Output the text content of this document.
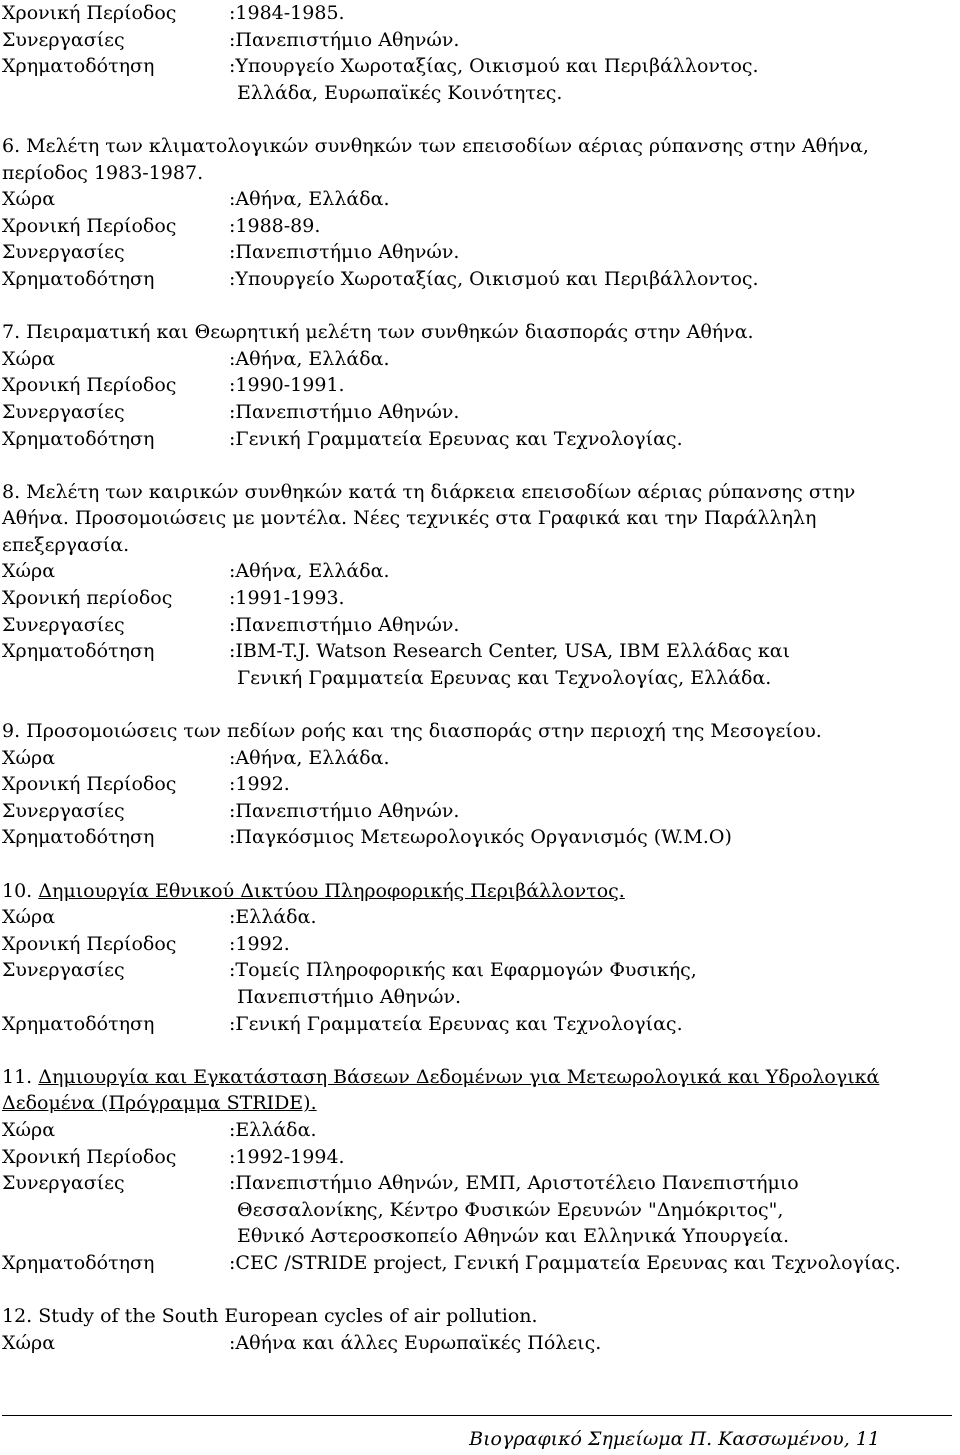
Χρονική Περίοδος	:1984-1985.
Συνεργασίες	:Πανεπιστήμιο Αθηνών.
Χρηματοδότηση	:Υπουργείο Χωροταξίας, Οικισμού και Περιβάλλοντος.
Ελλάδα, Ευρωπαϊκές Κοινότητες.
6. Μελέτη των κλιματολογικών συνθηκών των επεισοδίων αέριας ρύπανσης στην Αθήνα,
περίοδος 1983-1987.
Χώρα	:Αθήνα, Ελλάδα.
Χρονική Περίοδος	:1988-89.
Συνεργασίες	:Πανεπιστήμιο Αθηνών.
Χρηματοδότηση	:Υπουργείο Χωροταξίας, Οικισμού και Περιβάλλοντος.
7. Πειραματική και Θεωρητική μελέτη των συνθηκών διασποράς στην Αθήνα.
Χώρα	:Αθήνα, Ελλάδα.
Χρονική Περίοδος	:1990-1991.
Συνεργασίες	:Πανεπιστήμιο Αθηνών.
Χρηματοδότηση	:Γενική Γραμματεία Ερευνας και Τεχνολογίας.
8. Μελέτη των καιρικών συνθηκών κατά τη διάρκεια επεισοδίων αέριας ρύπανσης στην
Αθήνα. Προσομοιώσεις με μοντέλα. Νέες τεχνικές στα Γραφικά και την Παράλληλη
επεξεργασία.
Χώρα	:Αθήνα, Ελλάδα.
Χρονική περίοδος	:1991-1993.
Συνεργασίες	:Πανεπιστήμιο Αθηνών.
Χρηματοδότηση	:IBM-T.J. Watson Research Center, USA, IBM Ελλάδας και
Γενική Γραμματεία Ερευνας και Τεχνολογίας, Ελλάδα.
9. Προσομοιώσεις των πεδίων ροής και της διασποράς στην περιοχή της Μεσογείου.
Χώρα	:Αθήνα, Ελλάδα.
Χρονική Περίοδος	:1992.
Συνεργασίες	:Πανεπιστήμιο Αθηνών.
Χρηματοδότηση	:Παγκόσμιος Μετεωρολογικός Οργανισμός (W.M.O)
10. Δημιουργία Εθνικού Δικτύου Πληροφορικής Περιβάλλοντος.
Χώρα	:Ελλάδα.
Χρονική Περίοδος	:1992.
Συνεργασίες	:Τομείς Πληροφορικής και Εφαρμογών Φυσικής,
Πανεπιστήμιο Αθηνών.
Χρηματοδότηση	:Γενική Γραμματεία Ερευνας και Τεχνολογίας.
11. Δημιουργία και Εγκατάσταση Βάσεων Δεδομένων για Μετεωρολογικά και Υδρολογικά
Δεδομένα (Πρόγραμμα STRIDE).
Χώρα	:Ελλάδα.
Χρονική Περίοδος	:1992-1994.
Συνεργασίες	:Πανεπιστήμιο Αθηνών, ΕΜΠ, Αριστοτέλειο Πανεπιστήμιο
Θεσσαλονίκης, Κέντρο Φυσικών Ερευνών "Δημόκριτος",
Εθνικό Αστεροσκοπείο Αθηνών και Ελληνικά Υπουργεία.
Χρηματοδότηση	:CEC /STRIDE project, Γενική Γραμματεία Ερευνας και Τεχνολογίας.
12. Study of the South European cycles of air pollution.
Χώρα	:Αθήνα και άλλες Ευρωπαϊκές Πόλεις.
Βιογραφικό Σημείωμα Π. Κασσωμένου, 11
